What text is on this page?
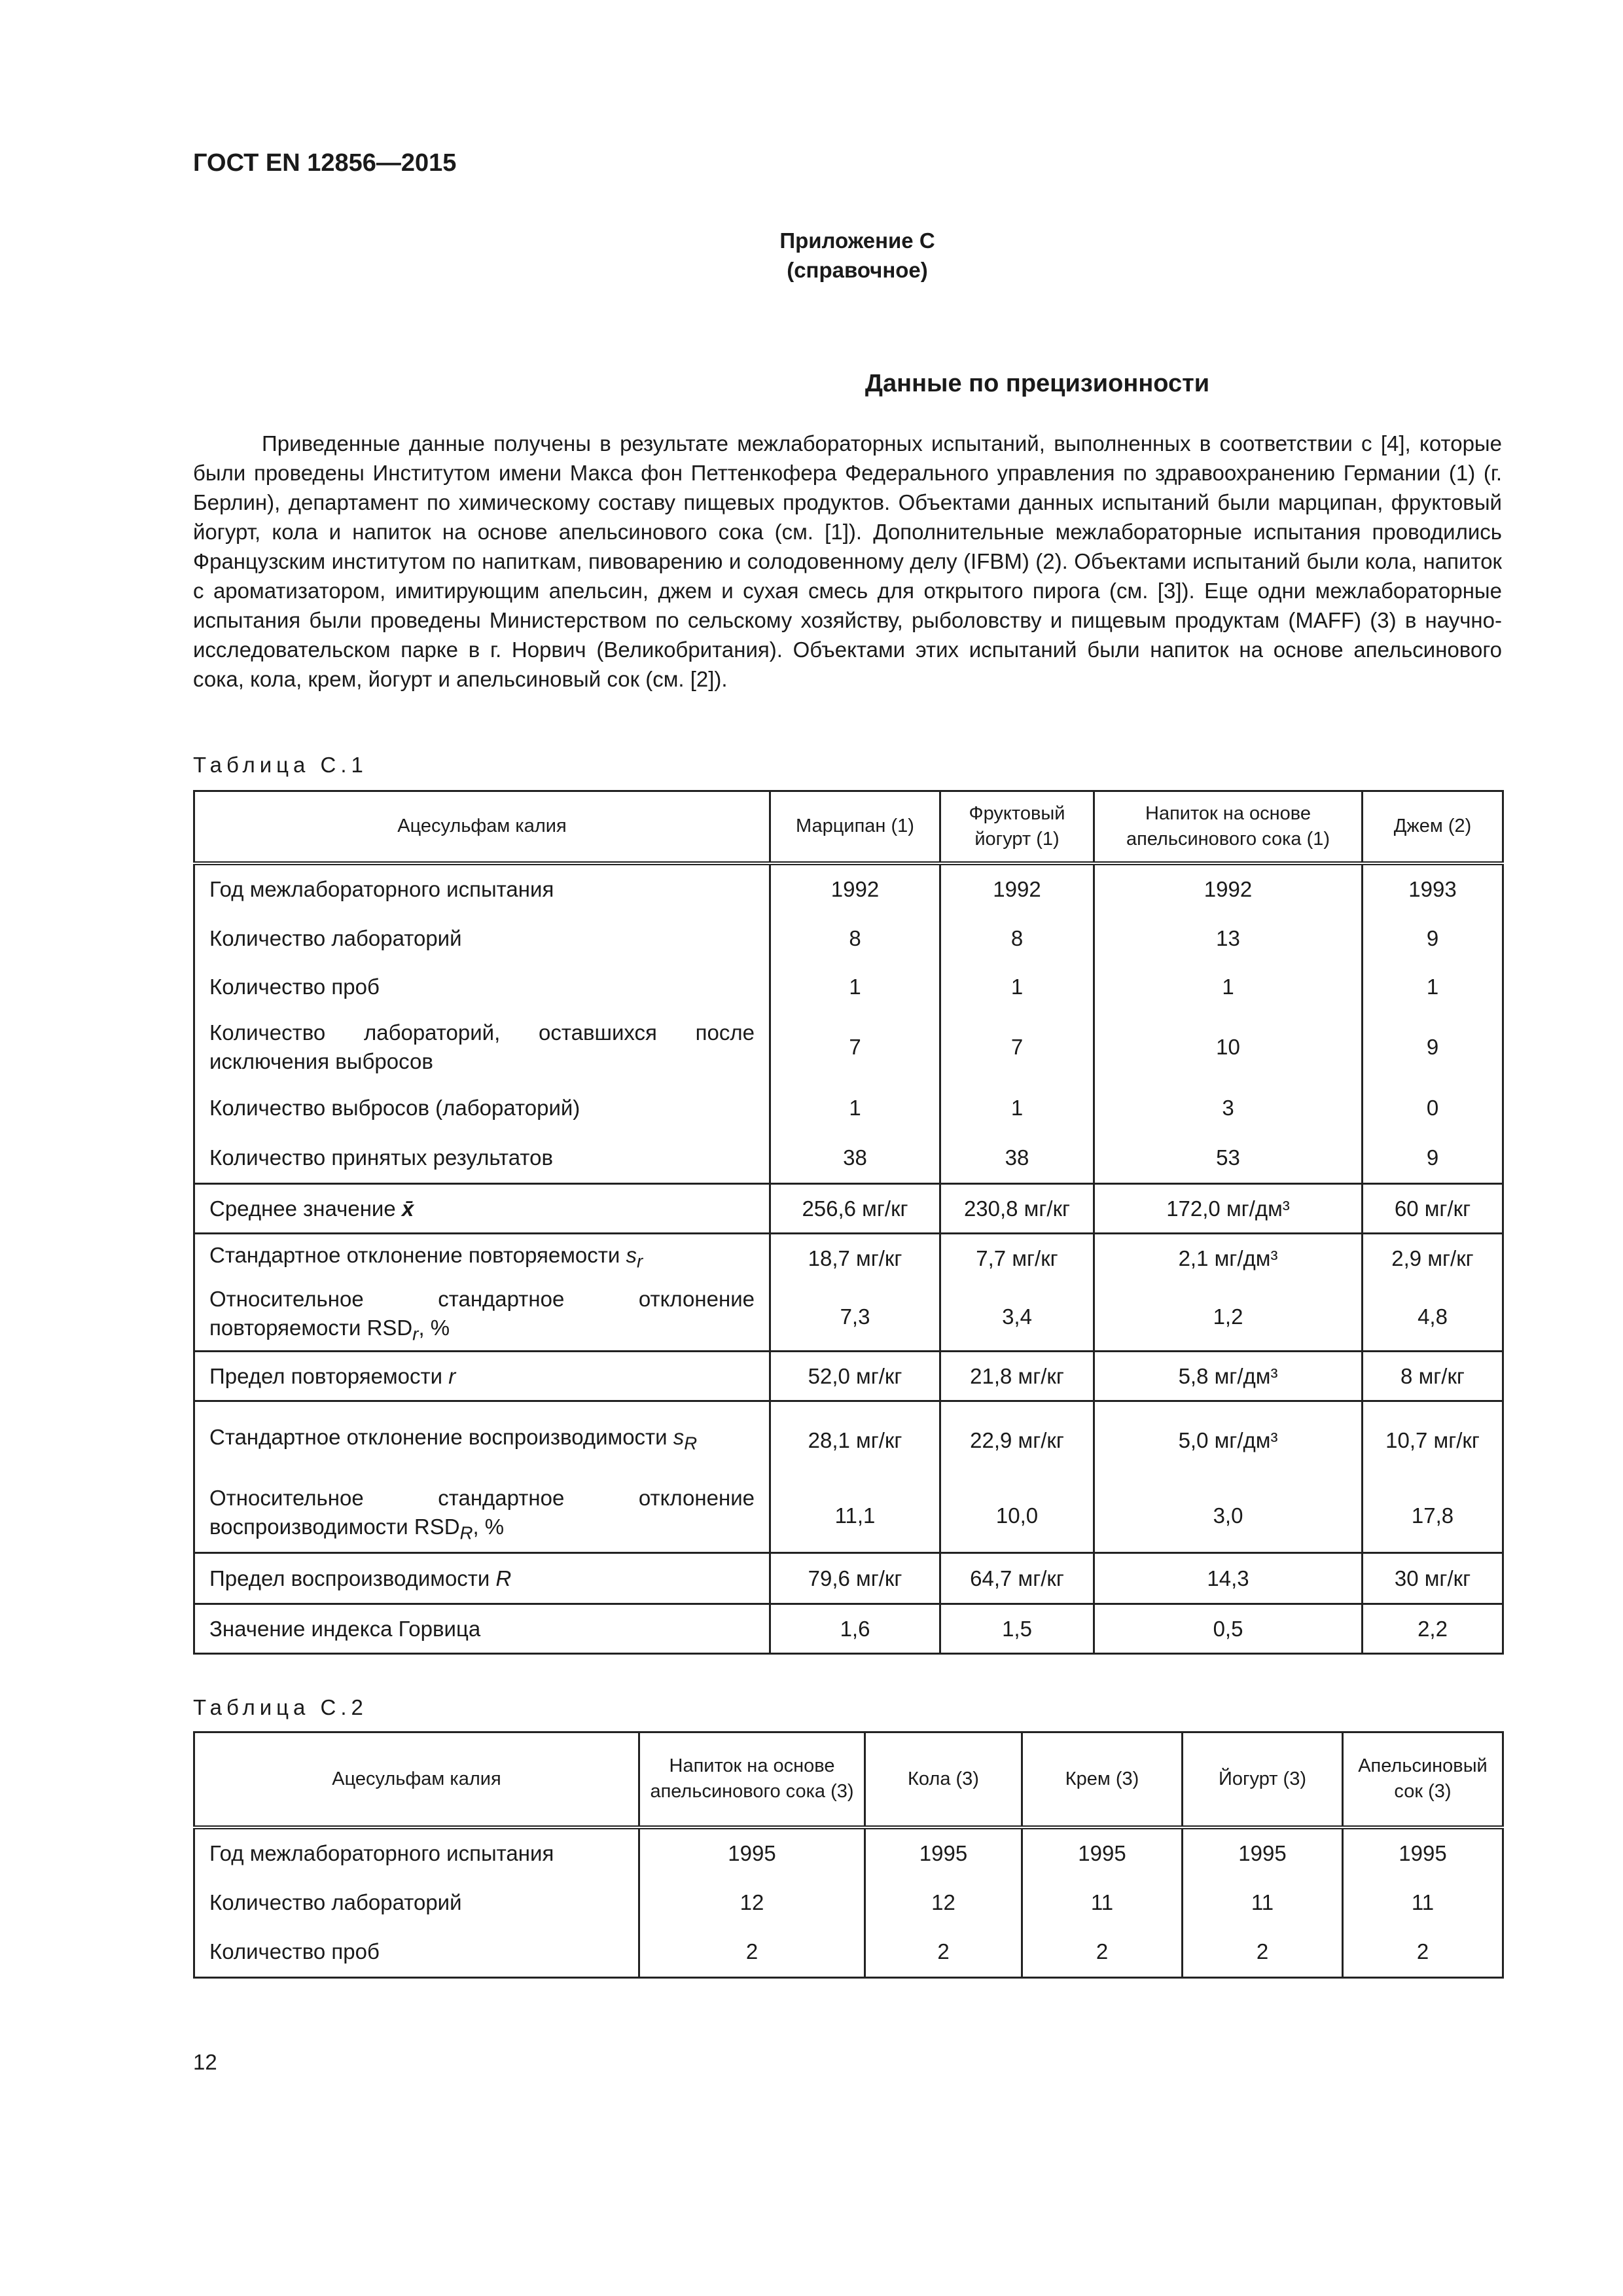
ГОСТ EN 12856—2015
Приложение С
(справочное)
Данные по прецизионности

Приведенные данные получены в результате межлабораторных испытаний, выполненных в соответствии с [4], которые были проведены Институтом имени Макса фон Петтенкофера Федерального управления по здравоохранению Германии (1) (г. Берлин), департамент по химическому составу пищевых продуктов. Объектами данных испытаний были марципан, фруктовый йогурт, кола и напиток на основе апельсинового сока (см. [1]). Дополнительные межлабораторные испытания проводились Французским институтом по напиткам, пивоварению и солодовенному делу (IFBM) (2). Объектами испытаний были кола, напиток с ароматизатором, имитирующим апельсин, джем и сухая смесь для открытого пирога (см. [3]). Еще одни межлабораторные испытания были проведены Министерством по сельскому хозяйству, рыболовству и пищевым продуктам (MAFF) (3) в научно-исследовательском парке в г. Норвич (Великобритания). Объектами этих испытаний были напиток на основе апельсинового сока, кола, крем, йогурт и апельсиновый сок (см. [2]).

Таблица С.1

Ацесульфам калия	Марципан (1)	Фруктовый йогурт (1)	Напиток на основе апельсинового сока (1)	Джем (2)
Год межлабораторного испытания	1992	1992	1992	1993
Количество лабораторий	8	8	13	9
Количество проб	1	1	1	1
Количество лабораторий, оставшихся после исключения выбросов	7	7	10	9
Количество выбросов (лабораторий)	1	1	3	0
Количество принятых результатов	38	38	53	9
Среднее значение x̄	256,6 мг/кг	230,8 мг/кг	172,0 мг/дм³	60 мг/кг
Стандартное отклонение повторяемости $s_r$	18,7 мг/кг	7,7 мг/кг	2,1 мг/дм³	2,9 мг/кг
Относительное стандартное отклонение повторяемости $RSD_r$, %	7,3	3,4	1,2	4,8
Предел повторяемости r	52,0 мг/кг	21,8 мг/кг	5,8 мг/дм³	8 мг/кг
Стандартное отклонение воспроизводимости $s_R$	28,1 мг/кг	22,9 мг/кг	5,0 мг/дм³	10,7 мг/кг
Относительное стандартное отклонение воспроизводимости $RSD_R$, %	11,1	10,0	3,0	17,8
Предел воспроизводимости R	79,6 мг/кг	64,7 мг/кг	14,3	30 мг/кг
Значение индекса Горвица	1,6	1,5	0,5	2,2

Таблица С.2

Ацесульфам калия	Напиток на основе апельсинового сока (3)	Кола (3)	Крем (3)	Йогурт (3)	Апельсиновый сок (3)
Год межлабораторного испытания	1995	1995	1995	1995	1995
Количество лабораторий	12	12	11	11	11
Количество проб	2	2	2	2	2

12
